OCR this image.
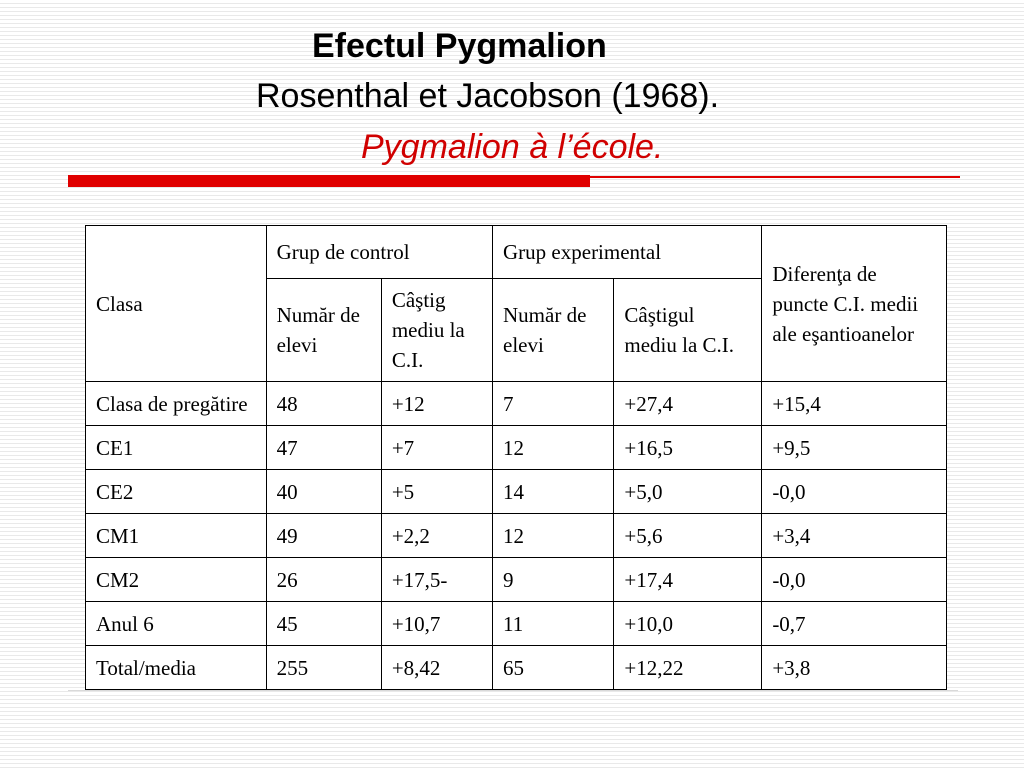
Efectul Pygmalion
Rosenthal et Jacobson (1968).
Pygmalion à l’école.
Clasa	Grup de control		Grup experimental		Diferenţa de puncte C.I. medii ale eşantioanelor
	Număr de elevi	Câştig mediu la C.I.	Număr de elevi	Câştigul mediu la C.I.	
Clasa de pregătire	48	+12	7	+27,4	+15,4
CE1	47	+7	12	+16,5	+9,5
CE2	40	+5	14	+5,0	-0,0
CM1	49	+2,2	12	+5,6	+3,4
CM2	26	+17,5-	9	+17,4	-0,0
Anul 6	45	+10,7	11	+10,0	-0,7
Total/media	255	+8,42	65	+12,22	+3,8
